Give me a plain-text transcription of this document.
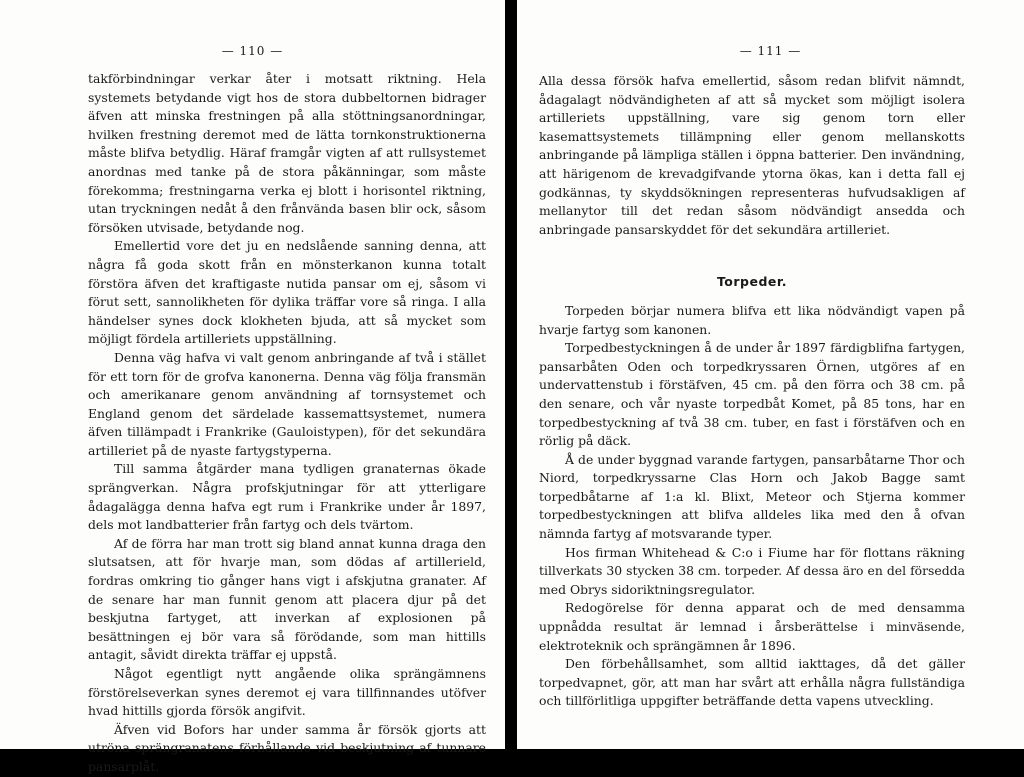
— 110 —

takförbindningar verkar åter i motsatt riktning. Hela systemets betydande vigt hos de stora dubbeltornen bidrager äfven att minska frestningen på alla stöttningsanordningar, hvilken frestning deremot med de lätta tornkonstruktionerna måste blifva betydlig. Häraf framgår vigten af att rullsystemet anordnas med tanke på de stora påkänningar, som måste förekomma; frestningarna verka ej blott i horisontel riktning, utan tryckningen nedåt å den frånvända basen blir ock, såsom försöken utvisade, betydande nog.

Emellertid vore det ju en nedslående sanning denna, att några få goda skott från en mönsterkanon kunna totalt förstöra äfven det kraftigaste nutida pansar om ej, såsom vi förut sett, sannolikheten för dylika träffar vore så ringa. I alla händelser synes dock klokheten bjuda, att så mycket som möjligt fördela artilleriets uppställning.

Denna väg hafva vi valt genom anbringande af två i stället för ett torn för de grofva kanonerna. Denna väg följa fransmän och amerikanare genom användning af tornsystemet och England genom det särdelade kassemattsystemet, numera äfven tillämpadt i Frankrike (Gauloistypen), för det sekundära artilleriet på de nyaste fartygstyperna.

Till samma åtgärder mana tydligen granaternas ökade sprängverkan. Några profskjutningar för att ytterligare ådagalägga denna hafva egt rum i Frankrike under år 1897, dels mot landbatterier från fartyg och dels tvärtom.

Af de förra har man trott sig bland annat kunna draga den slutsatsen, att för hvarje man, som dödas af artillerield, fordras omkring tio gånger hans vigt i afskjutna granater. Af de senare har man funnit genom att placera djur på det beskjutna fartyget, att inverkan af explosionen på besättningen ej bör vara så förödande, som man hittills antagit, såvidt direkta träffar ej uppstå.

Något egentligt nytt angående olika sprängämnens förstörelseverkan synes deremot ej vara tillfinnandes utöfver hvad hittills gjorda försök angifvit.

Äfven vid Bofors har under samma år försök gjorts att utröna sprängranatens förhållande vid beskjutning af tunnare pansarplåt.

— 111 —

Alla dessa försök hafva emellertid, såsom redan blifvit nämndt, ådagalagt nödvändigheten af att så mycket som möjligt isolera artilleriets uppställning, vare sig genom torn eller kasemattsystemets tillämpning eller genom mellanskotts anbringande på lämpliga ställen i öppna batterier. Den invändning, att härigenom de krevadgifvande ytorna ökas, kan i detta fall ej godkännas, ty skyddsökningen representeras hufvudsakligen af mellanytor till det redan såsom nödvändigt ansedda och anbringade pansarskyddet för det sekundära artilleriet.

Torpeder.

Torpeden börjar numera blifva ett lika nödvändigt vapen på hvarje fartyg som kanonen.

Torpedbestyckningen å de under år 1897 färdigblifna fartygen, pansarbåten Oden och torpedkryssaren Örnen, utgöres af en undervattenstub i förstäfven, 45 cm. på den förra och 38 cm. på den senare, och vår nyaste torpedbåt Komet, på 85 tons, har en torpedbestyckning af två 38 cm. tuber, en fast i förstäfven och en rörlig på däck.

Å de under byggnad varande fartygen, pansarbåtarne Thor och Niord, torpedkryssarne Clas Horn och Jakob Bagge samt torpedbåtarne af 1:a kl. Blixt, Meteor och Stjerna kommer torpedbestyckningen att blifva alldeles lika med den å ofvan nämnda fartyg af motsvarande typer.

Hos firman Whitehead & C:o i Fiume har för flottans räkning tillverkats 30 stycken 38 cm. torpeder. Af dessa äro en del försedda med Obrys sidoriktningsregulator.

Redogörelse för denna apparat och de med densamma uppnådda resultat är lemnad i årsberättelse i minväsende, elektroteknik och sprängämnen år 1896.

Den förbehållsamhet, som alltid iakttages, då det gäller torpedvapnet, gör, att man har svårt att erhålla några fullständiga och tillförlitliga uppgifter beträffande detta vapens utveckling.
